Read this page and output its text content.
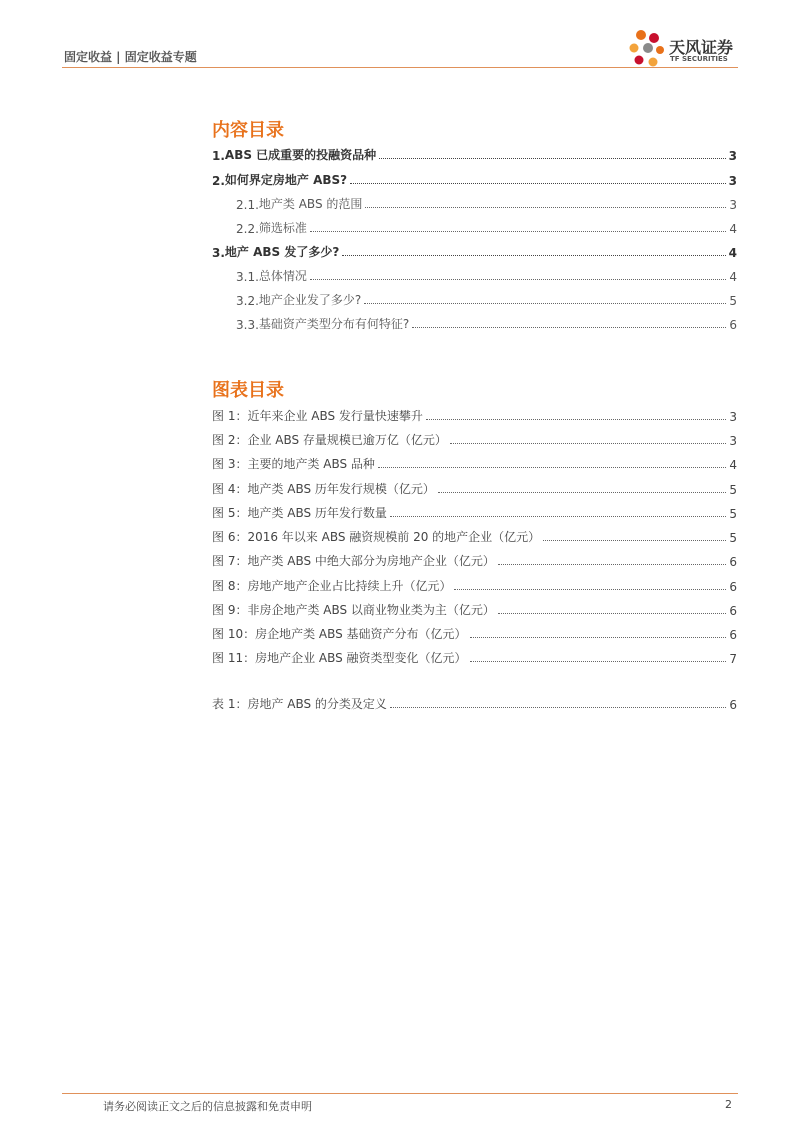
固定收益 | 固定收益专题	天风证券
TF SECURITIES
内容目录
1. ABS 已成重要的投融资品种	3
2. 如何界定房地产 ABS?	3
2.1. 地产类 ABS 的范围	3
2.2. 筛选标准	4
3. 地产 ABS 发了多少?	4
3.1. 总体情况	4
3.2. 地产企业发了多少?	5
3.3. 基础资产类型分布有何特征?	6
图表目录
图 1：近年来企业 ABS 发行量快速攀升	3
图 2：企业 ABS 存量规模已逾万亿（亿元）	3
图 3：主要的地产类 ABS 品种	4
图 4：地产类 ABS 历年发行规模（亿元）	5
图 5：地产类 ABS 历年发行数量	5
图 6：2016 年以来 ABS 融资规模前 20 的地产企业（亿元）	5
图 7：地产类 ABS 中绝大部分为房地产企业（亿元）	6
图 8：房地产地产企业占比持续上升（亿元）	6
图 9：非房企地产类 ABS 以商业物业类为主（亿元）	6
图 10：房企地产类 ABS 基础资产分布（亿元）	6
图 11：房地产企业 ABS 融资类型变化（亿元）	7
表 1：房地产 ABS 的分类及定义	6
请务必阅读正文之后的信息披露和免责申明	2
